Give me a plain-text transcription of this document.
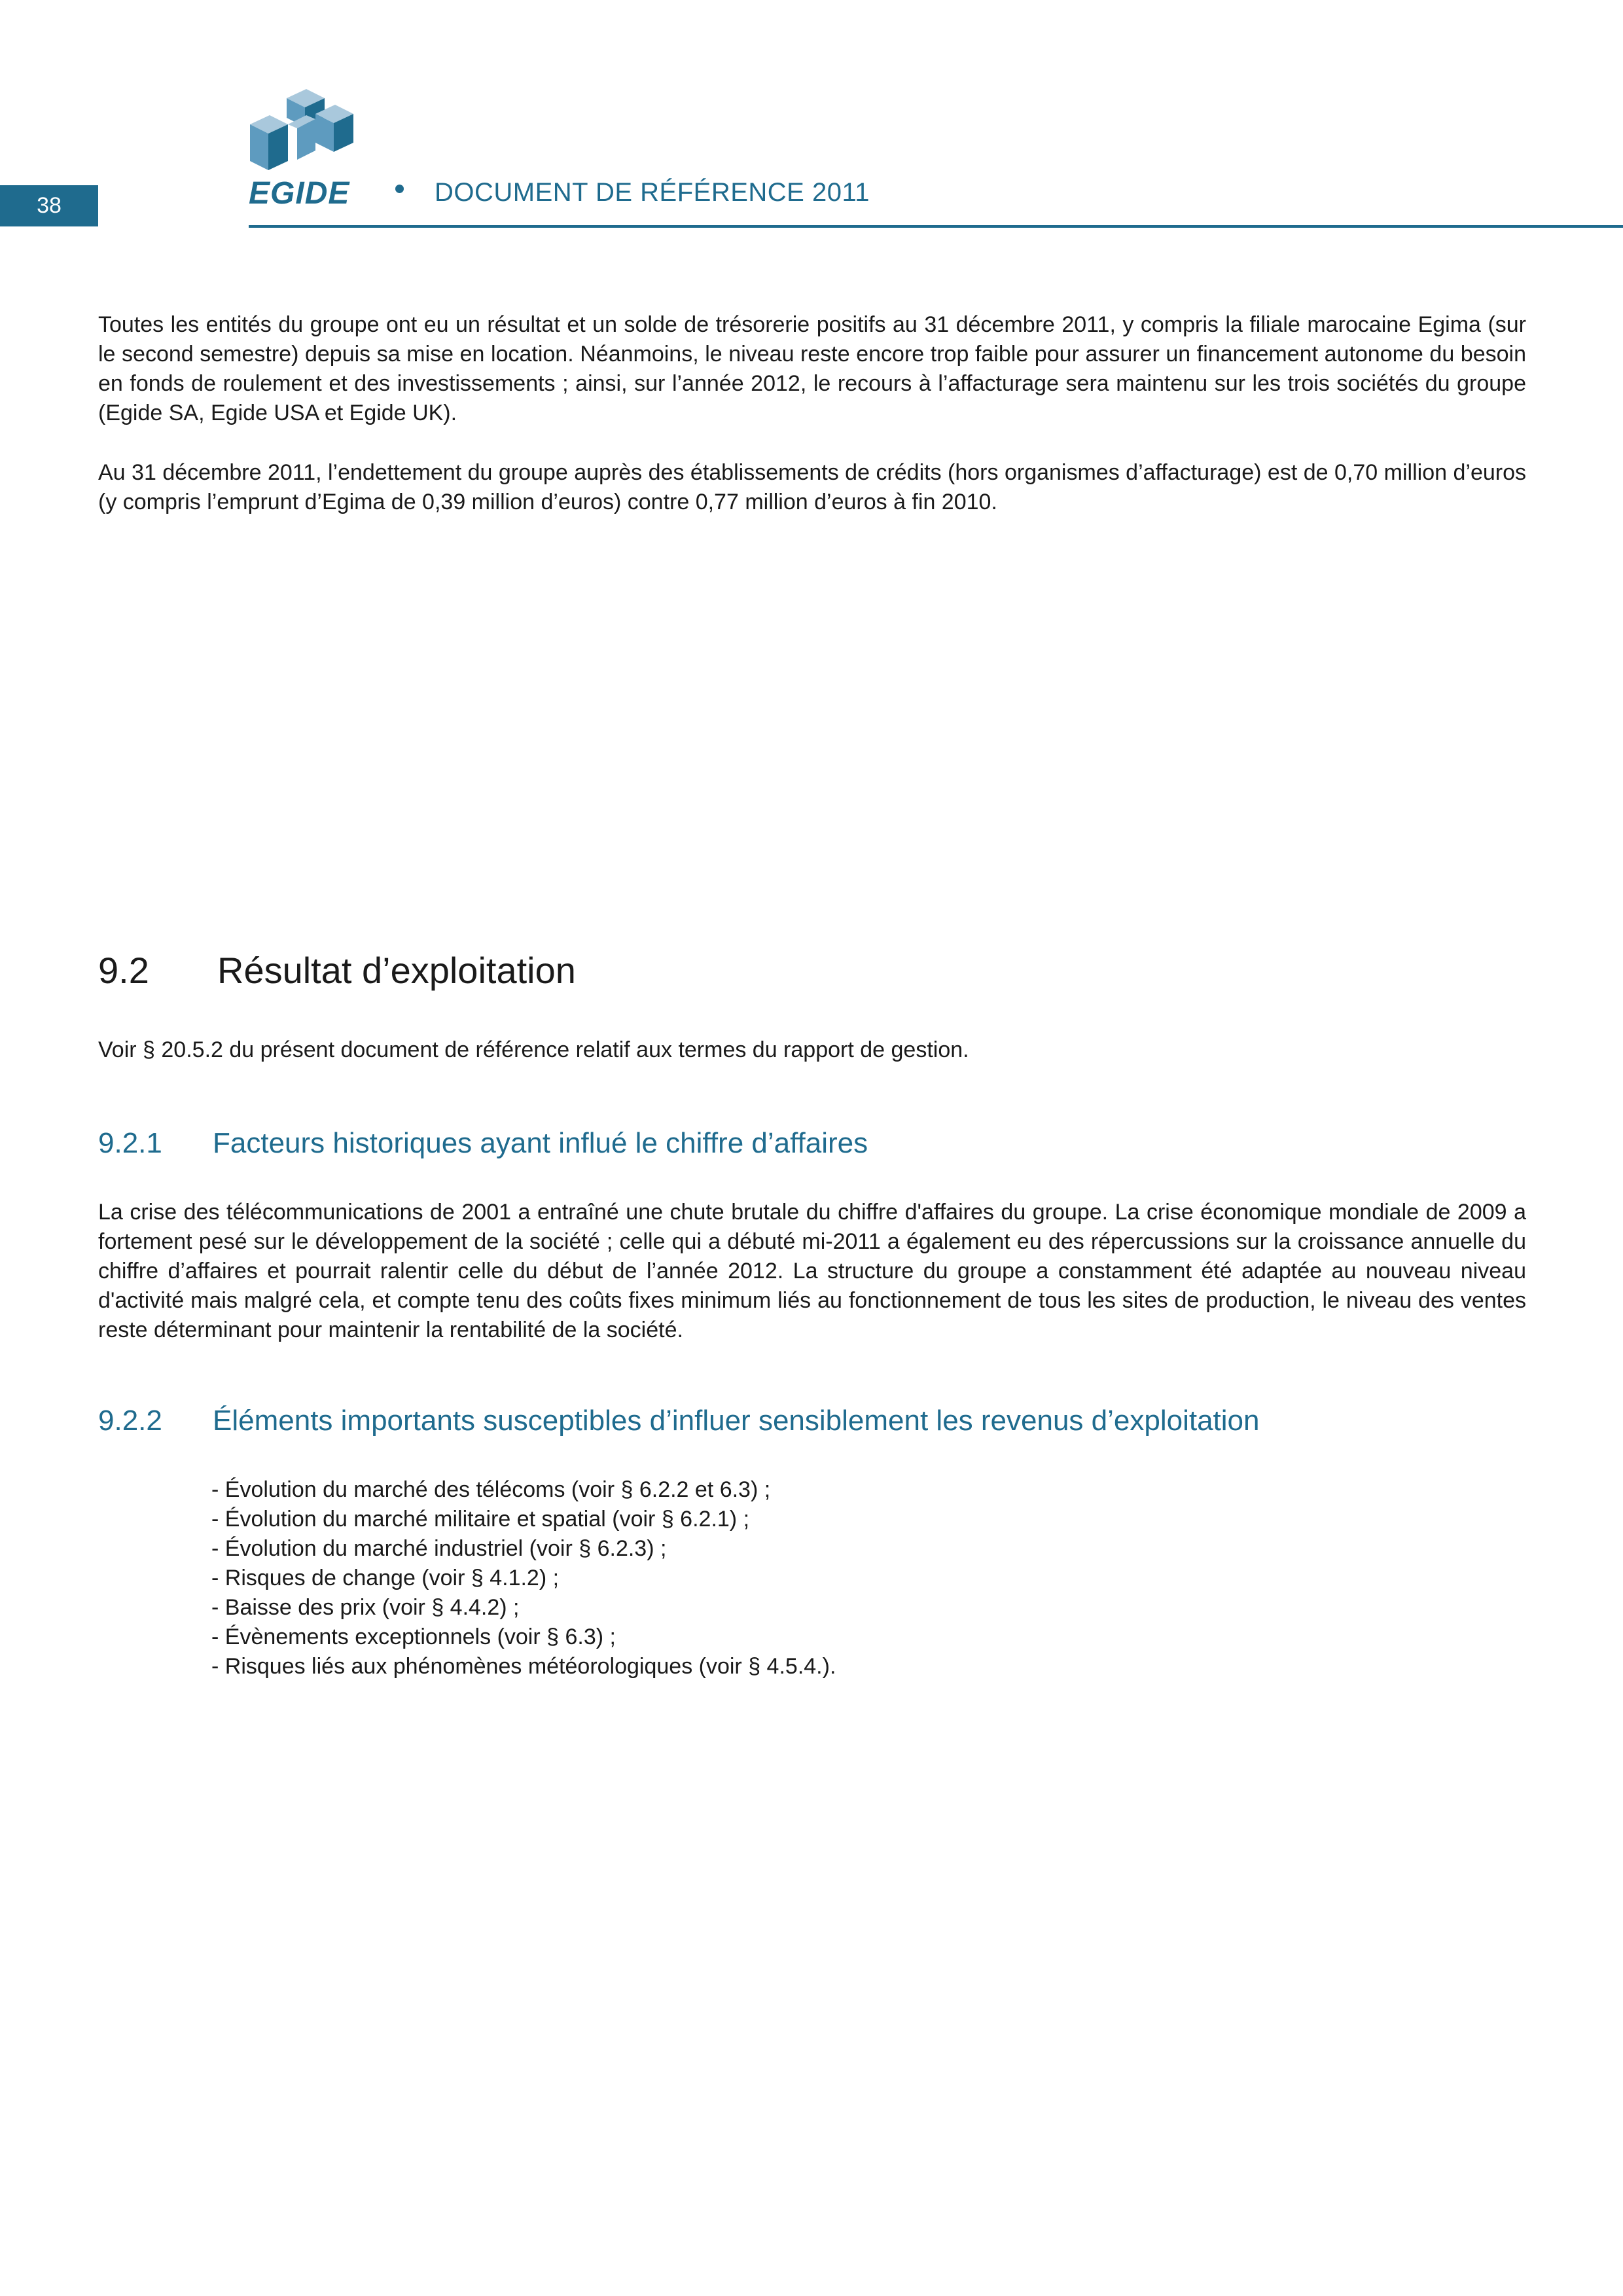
38	EGIDE	DOCUMENT DE RÉFÉRENCE 2011

Toutes les entités du groupe ont eu un résultat et un solde de trésorerie positifs au 31 décembre 2011, y compris la filiale marocaine Egima (sur le second semestre) depuis sa mise en location. Néanmoins, le niveau reste encore trop faible pour assurer un financement autonome du besoin en fonds de roulement et des investissements ; ainsi, sur l’année 2012, le recours à l’affacturage sera maintenu sur les trois sociétés du groupe (Egide SA, Egide USA et Egide UK).

Au 31 décembre 2011, l’endettement du groupe auprès des établissements de crédits (hors organismes d’affacturage) est de 0,70 million d’euros (y compris l’emprunt d’Egima de 0,39 million d’euros) contre 0,77 million d’euros à fin 2010.

9.2 Résultat d’exploitation

Voir § 20.5.2 du présent document de référence relatif aux termes du rapport de gestion.

9.2.1 Facteurs historiques ayant influé le chiffre d’affaires

La crise des télécommunications de 2001 a entraîné une chute brutale du chiffre d'affaires du groupe. La crise économique mondiale de 2009 a fortement pesé sur le développement de la société ; celle qui a débuté mi-2011 a également eu des répercussions sur la croissance annuelle du chiffre d’affaires et pourrait ralentir celle du début de l’année 2012. La structure du groupe a constamment été adaptée au nouveau niveau d'activité mais malgré cela, et compte tenu des coûts fixes minimum liés au fonctionnement de tous les sites de production, le niveau des ventes reste déterminant pour maintenir la rentabilité de la société.

9.2.2 Éléments importants susceptibles d’influer sensiblement les revenus d’exploitation
- Évolution du marché des télécoms (voir § 6.2.2 et 6.3) ;
- Évolution du marché militaire et spatial (voir § 6.2.1) ;
- Évolution du marché industriel (voir § 6.2.3) ;
- Risques de change (voir § 4.1.2) ;
- Baisse des prix (voir § 4.4.2) ;
- Évènements exceptionnels (voir § 6.3) ;
- Risques liés aux phénomènes météorologiques (voir § 4.5.4.).
